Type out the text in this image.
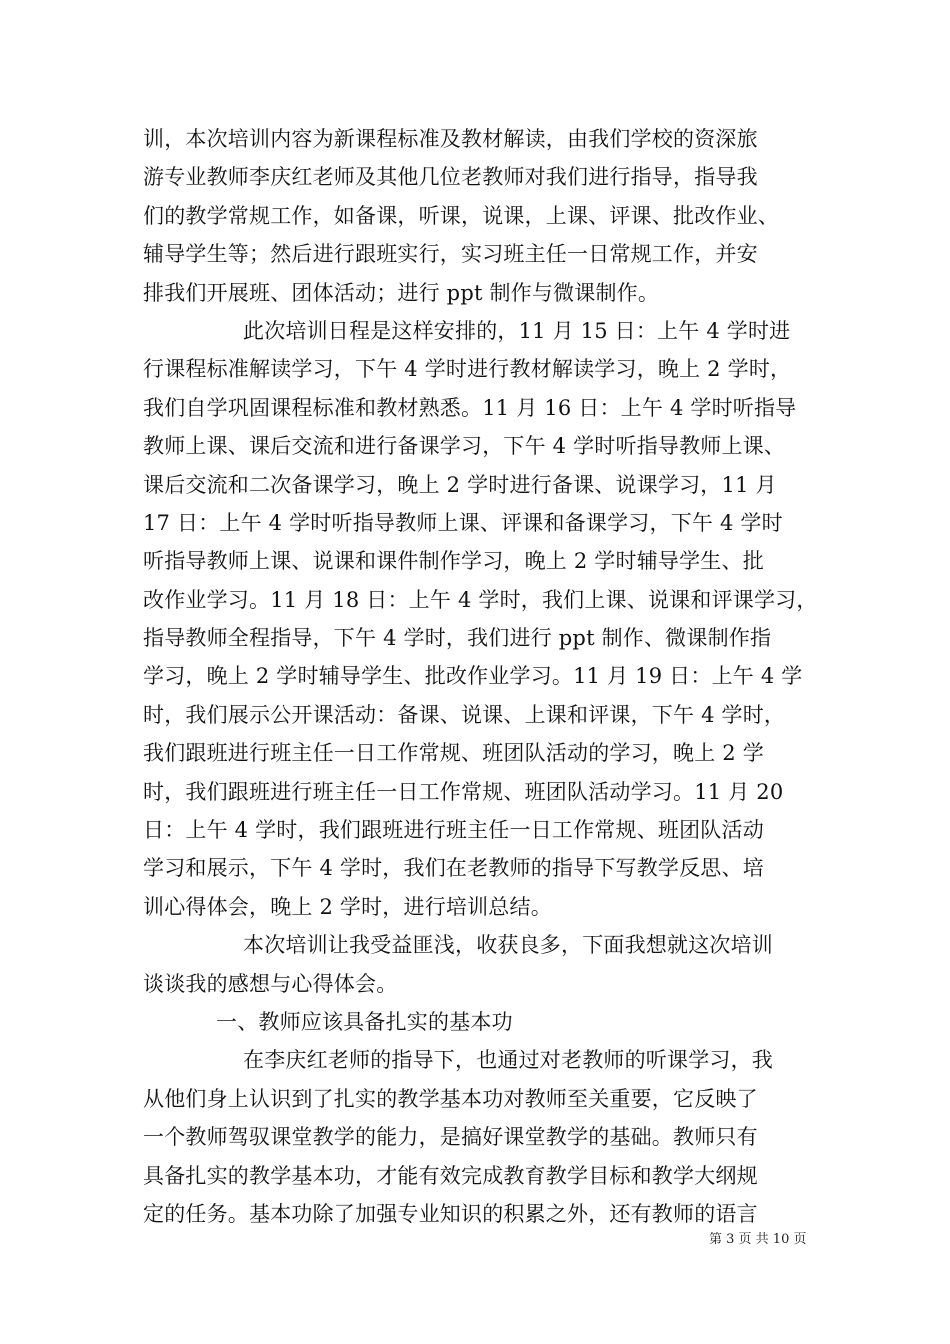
训，本次培训内容为新课程标准及教材解读，由我们学校的资深旅
游专业教师李庆红老师及其他几位老教师对我们进行指导，指导我
们的教学常规工作，如备课，听课，说课，上课、评课、批改作业、
辅导学生等；然后进行跟班实行，实习班主任一日常规工作，并安
排我们开展班、团体活动；进行 ppt 制作与微课制作。
此次培训日程是这样安排的，11 月 15 日：上午 4 学时进
行课程标准解读学习，下午 4 学时进行教材解读学习，晚上 2 学时，
我们自学巩固课程标准和教材熟悉。11 月 16 日：上午 4 学时听指导
教师上课、课后交流和进行备课学习，下午 4 学时听指导教师上课、
课后交流和二次备课学习，晚上 2 学时进行备课、说课学习，11 月
17 日：上午 4 学时听指导教师上课、评课和备课学习，下午 4 学时
听指导教师上课、说课和课件制作学习，晚上 2 学时辅导学生、批
改作业学习。11 月 18 日：上午 4 学时，我们上课、说课和评课学习，
指导教师全程指导，下午 4 学时，我们进行 ppt 制作、微课制作指
学习，晚上 2 学时辅导学生、批改作业学习。11 月 19 日：上午 4 学
时，我们展示公开课活动：备课、说课、上课和评课，下午 4 学时，
我们跟班进行班主任一日工作常规、班团队活动的学习，晚上 2 学
时，我们跟班进行班主任一日工作常规、班团队活动学习。11 月 20
日：上午 4 学时，我们跟班进行班主任一日工作常规、班团队活动
学习和展示，下午 4 学时，我们在老教师的指导下写教学反思、培
训心得体会，晚上 2 学时，进行培训总结。
本次培训让我受益匪浅，收获良多，下面我想就这次培训
谈谈我的感想与心得体会。
一、教师应该具备扎实的基本功
在李庆红老师的指导下，也通过对老教师的听课学习，我
从他们身上认识到了扎实的教学基本功对教师至关重要，它反映了
一个教师驾驭课堂教学的能力，是搞好课堂教学的基础。教师只有
具备扎实的教学基本功，才能有效完成教育教学目标和教学大纲规
定的任务。基本功除了加强专业知识的积累之外，还有教师的语言
第 3 页 共 10 页
